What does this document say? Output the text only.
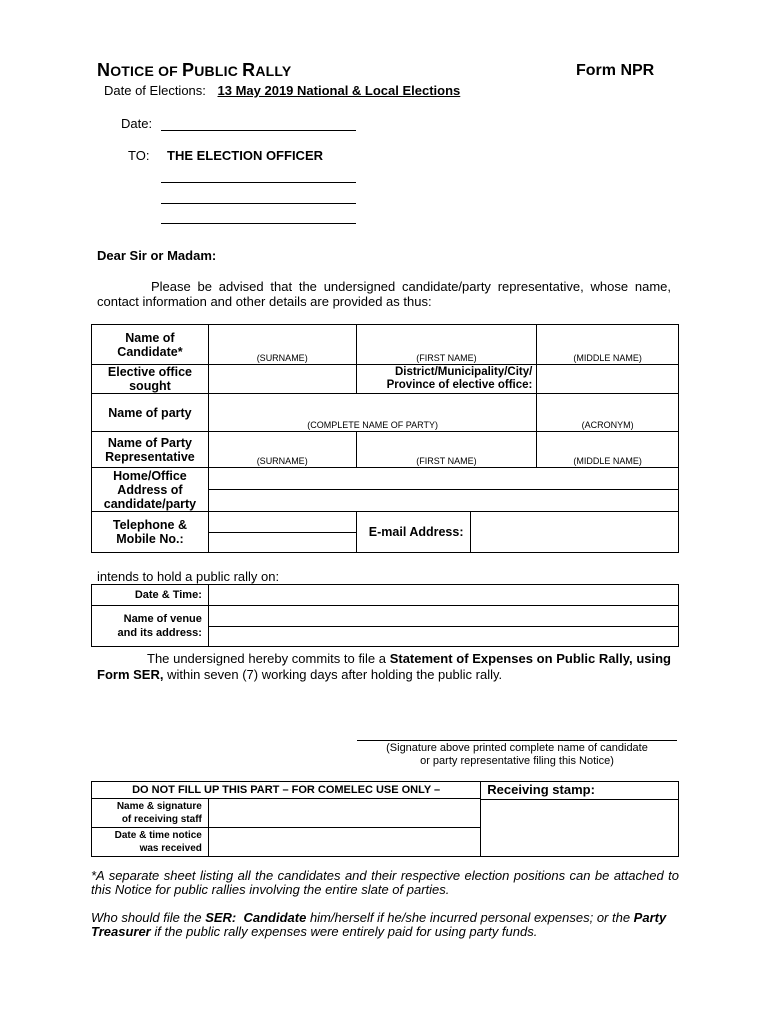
NOTICE OF PUBLIC RALLY	Form NPR
Date of Elections: 13 May 2019 National & Local Elections
Date:
TO: THE ELECTION OFFICER
Dear Sir or Madam:

Please be advised that the undersigned candidate/party representative, whose name, contact information and other details are provided as thus:

Name of Candidate*	(SURNAME)	(FIRST NAME)	(MIDDLE NAME)

Elective office sought		District/Municipality/City/ Province of elective office:	
Name of party	(COMPLETE NAME OF PARTY)		(ACRONYM)

Name of Party Representative	(SURNAME)	(FIRST NAME)	(MIDDLE NAME)

Home/Office Address of candidate/party			

Telephone & Mobile No.:		E-mail Address:	
intends to hold a public rally on:
Date & Time:	

Name of venue
and its address:	

The undersigned hereby commits to file a Statement of Expenses on Public Rally, using Form SER, within seven (7) working days after holding the public rally.

(Signature above printed complete name of candidate
or party representative filing this Notice)
DO NOT FILL UP THIS PART – FOR COMELEC USE ONLY –		Receiving stamp:

Name & signature
of receiving staff		

Date & time notice
was received		

*A separate sheet listing all the candidates and their respective election positions can be attached to this Notice for public rallies involving the entire slate of parties.

Who should file the SER: Candidate him/herself if he/she incurred personal expenses; or the Party Treasurer if the public rally expenses were entirely paid for using party funds.
